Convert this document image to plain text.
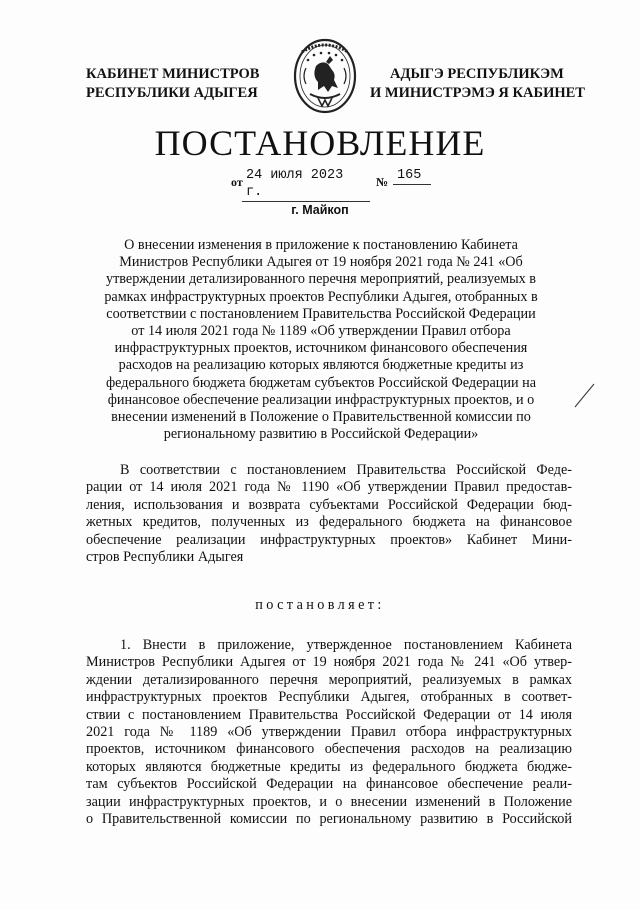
КАБИНЕТ МИНИСТРОВ
РЕСПУБЛИКИ АДЫГЕЯ
АДЫГЭ РЕСПУБЛИКЭМ
И МИНИСТРЭМЭ Я КАБИНЕТ
ПОСТАНОВЛЕНИЕ
от 24 июля 2023 г.
№ 165
г. Майкоп
О внесении изменения в приложение к постановлению Кабинета
Министров Республики Адыгея от 19 ноября 2021 года № 241 «Об
утверждении детализированного перечня мероприятий, реализуемых в
рамках инфраструктурных проектов Республики Адыгея, отобранных в
соответствии с постановлением Правительства Российской Федерации
от 14 июля 2021 года № 1189 «Об утверждении Правил отбора
инфраструктурных проектов, источником финансового обеспечения
расходов на реализацию которых являются бюджетные кредиты из
федерального бюджета бюджетам субъектов Российской Федерации на
финансовое обеспечение реализации инфраструктурных проектов, и о
внесении изменений в Положение о Правительственной комиссии по
региональному развитию в Российской Федерации»
В соответствии с постановлением Правительства Российской Феде-
рации от 14 июля 2021 года № 1190 «Об утверждении Правил предостав-
ления, использования и возврата субъектами Российской Федерации бюд-
жетных кредитов, полученных из федерального бюджета на финансовое
обеспечение реализации инфраструктурных проектов» Кабинет Мини-
стров Республики Адыгея
постановляет:
1. Внести в приложение, утвержденное постановлением Кабинета
Министров Республики Адыгея от 19 ноября 2021 года № 241 «Об утвер-
ждении детализированного перечня мероприятий, реализуемых в рамках
инфраструктурных проектов Республики Адыгея, отобранных в соответ-
ствии с постановлением Правительства Российской Федерации от 14 июля
2021 года № 1189 «Об утверждении Правил отбора инфраструктурных
проектов, источником финансового обеспечения расходов на реализацию
которых являются бюджетные кредиты из федерального бюджета бюдже-
там субъектов Российской Федерации на финансовое обеспечение реали-
зации инфраструктурных проектов, и о внесении изменений в Положение
о Правительственной комиссии по региональному развитию в Российской
